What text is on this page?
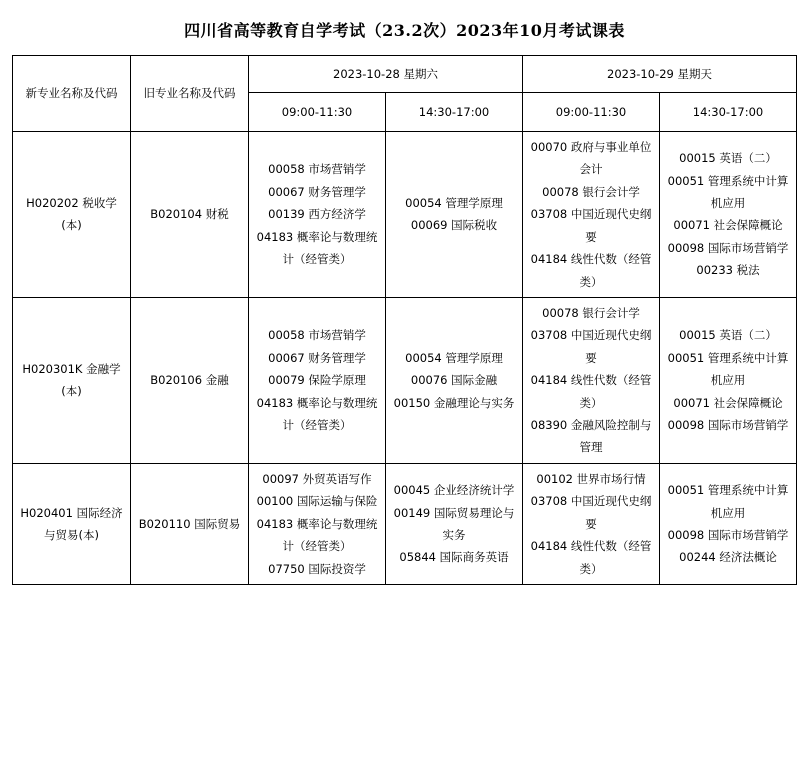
四川省高等教育自学考试（23.2次）2023年10月考试课表
新专业名称及代码	旧专业名称及代码	2023-10-28 星期六		2023-10-29 星期天	
		09:00-11:30	14:30-17:00	09:00-11:30	14:30-17:00
H020202 税收学(本)	B020104 财税	00058 市场营销学
00067 财务管理学
00139 西方经济学
04183 概率论与数理统计（经管类）	00054 管理学原理
00069 国际税收	00070 政府与事业单位会计
00078 银行会计学
03708 中国近现代史纲要
04184 线性代数（经管类）	00015 英语（二）
00051 管理系统中计算机应用
00071 社会保障概论
00098 国际市场营销学
00233 税法

H020301K 金融学(本)	B020106 金融	00058 市场营销学
00067 财务管理学
00079 保险学原理
04183 概率论与数理统计（经管类）	00054 管理学原理
00076 国际金融
00150 金融理论与实务	00078 银行会计学
03708 中国近现代史纲要
04184 线性代数（经管类）
08390 金融风险控制与管理	00015 英语（二）
00051 管理系统中计算机应用
00071 社会保障概论
00098 国际市场营销学

H020401 国际经济与贸易(本)	B020110 国际贸易	00097 外贸英语写作
00100 国际运输与保险
04183 概率论与数理统计（经管类）
07750 国际投资学	00045 企业经济统计学
00149 国际贸易理论与实务
05844 国际商务英语	00102 世界市场行情
03708 中国近现代史纲要
04184 线性代数（经管类）	00051 管理系统中计算机应用
00098 国际市场营销学
00244 经济法概论
